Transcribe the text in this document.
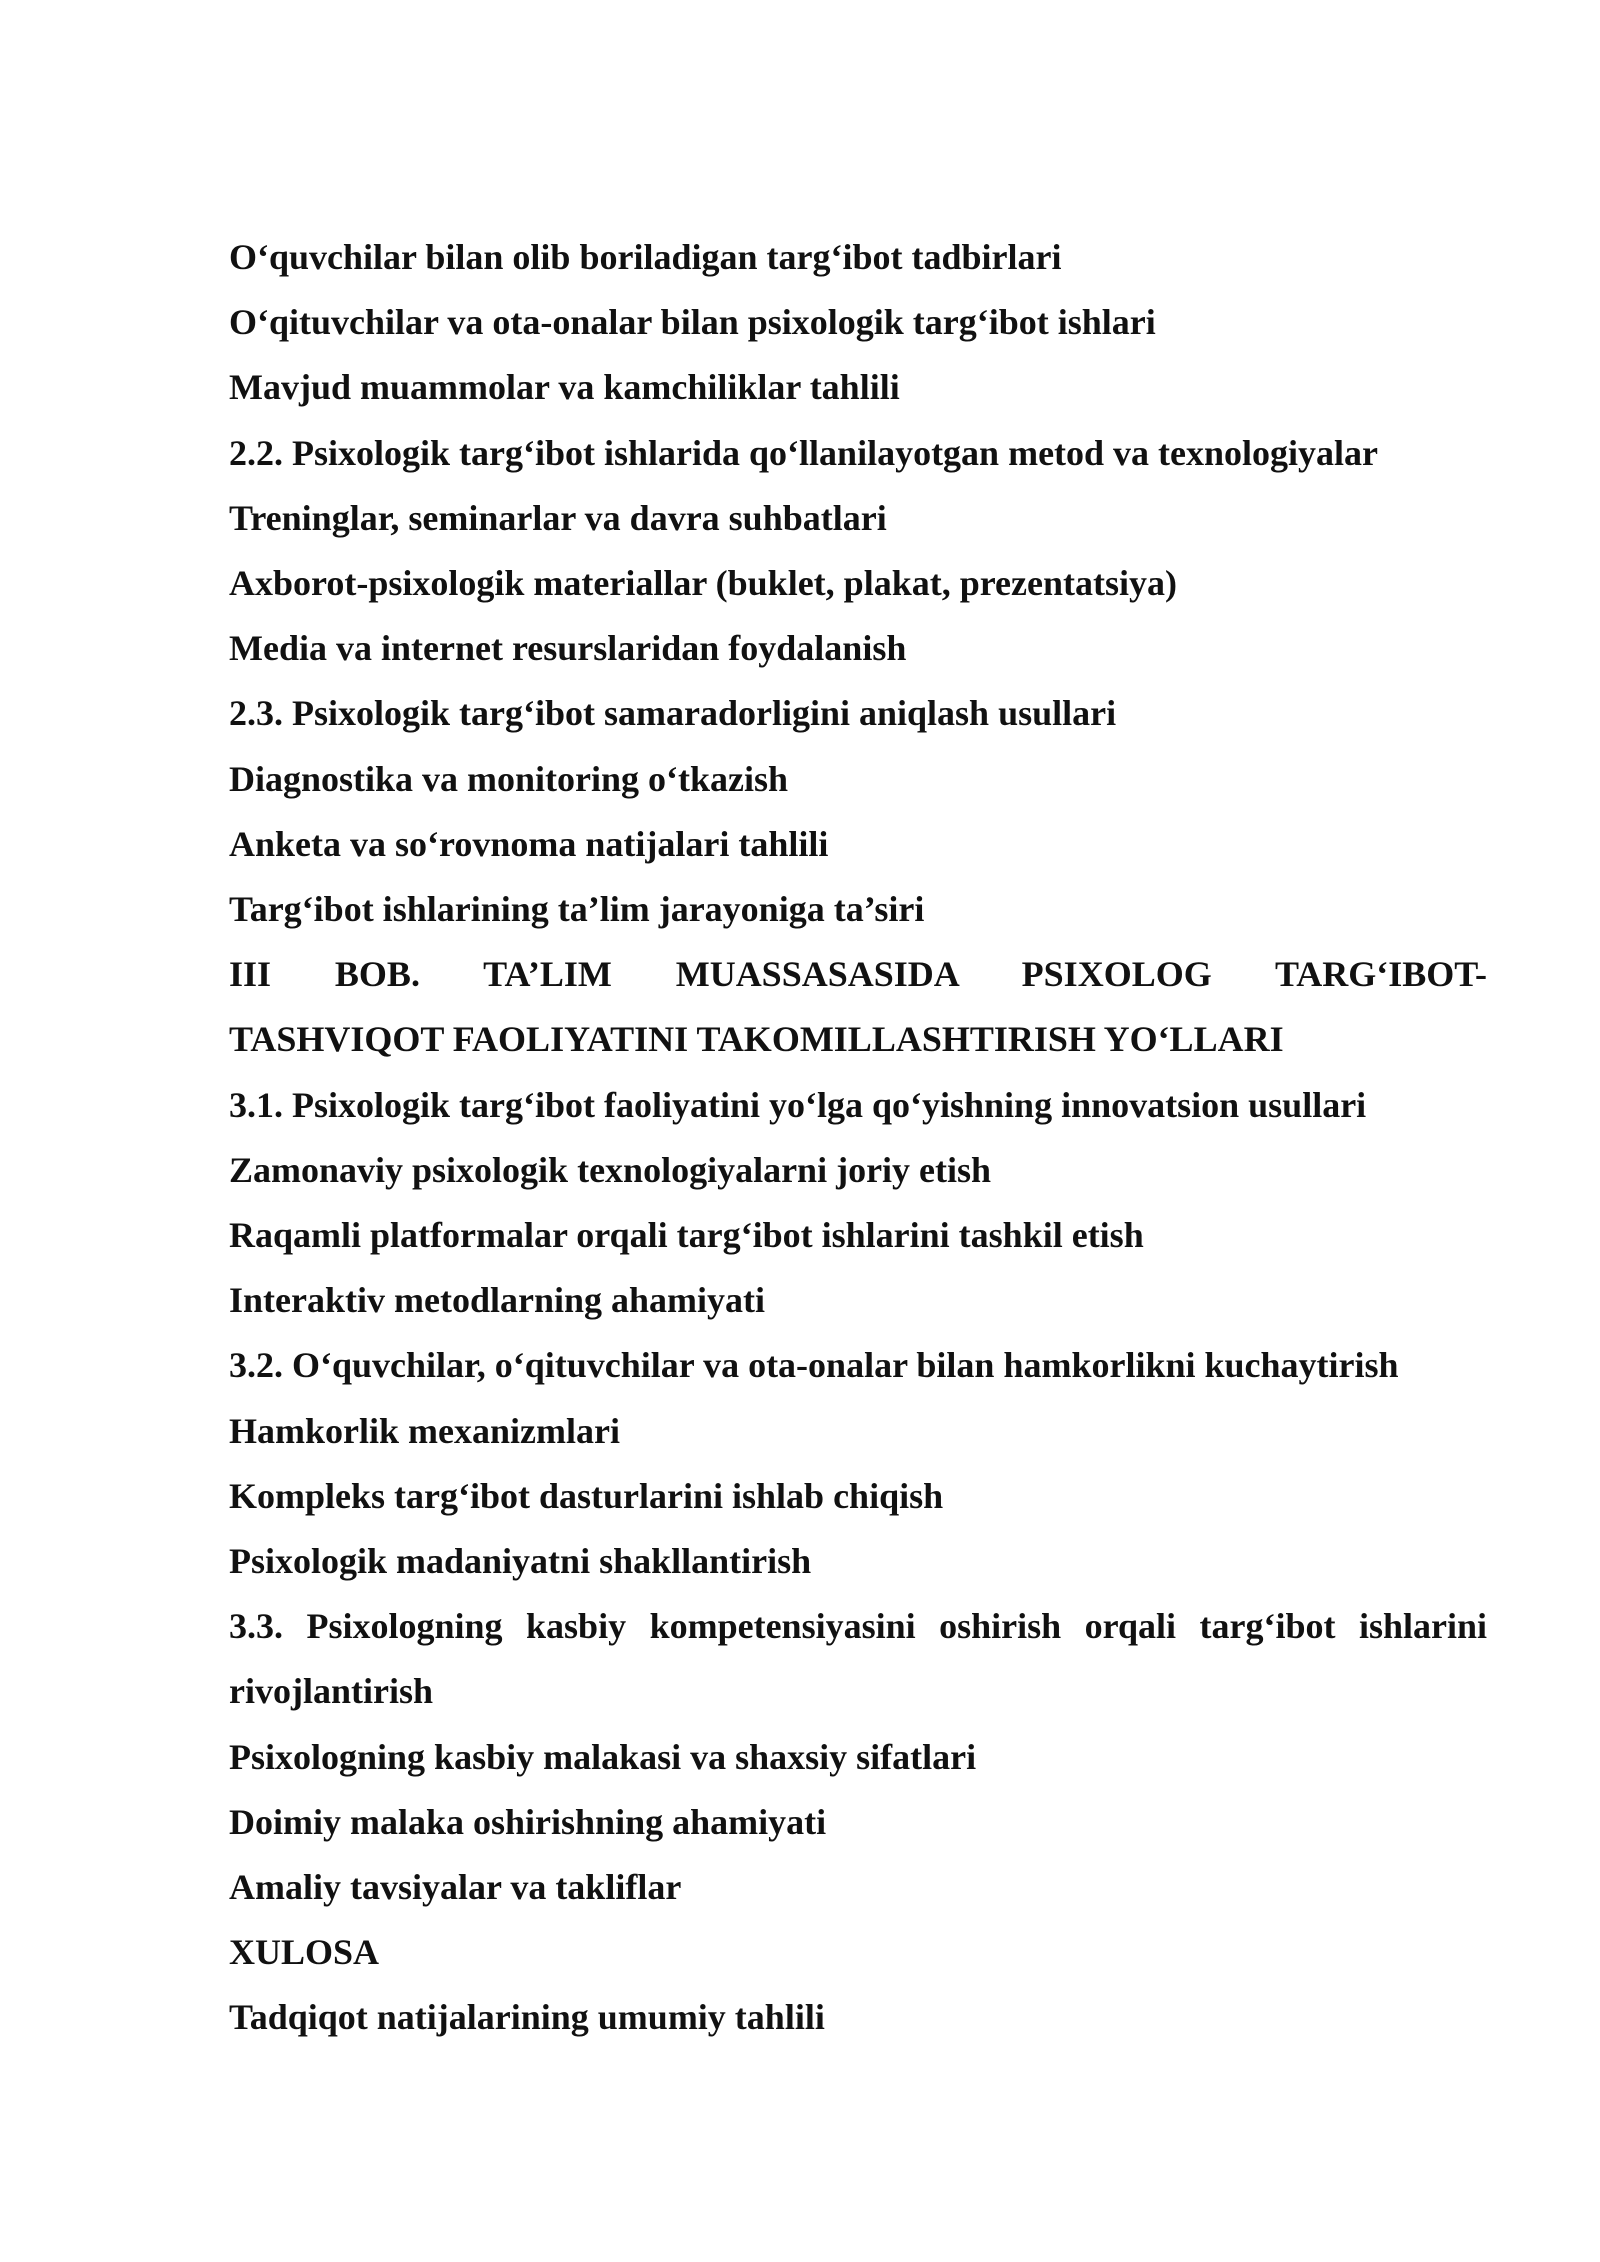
Oʻquvchilar bilan olib boriladigan targʻibot tadbirlari

Oʻqituvchilar va ota-onalar bilan psixologik targʻibot ishlari

Mavjud muammolar va kamchiliklar tahlili

2.2. Psixologik targʻibot ishlarida qoʻllanilayotgan metod va texnologiyalar

Treninglar, seminarlar va davra suhbatlari

Axborot-psixologik materiallar (buklet, plakat, prezentatsiya)

Media va internet resurslaridan foydalanish

2.3. Psixologik targʻibot samaradorligini aniqlash usullari

Diagnostika va monitoring oʻtkazish

Anketa va soʻrovnoma natijalari tahlili

Targʻibot ishlarining ta’lim jarayoniga ta’siri

III BOB. TA’LIM MUASSASASIDA PSIXOLOG TARGʻIBOT-

TASHVIQOT FAOLIYATINI TAKOMILLASHTIRISH YOʻLLARI

3.1. Psixologik targʻibot faoliyatini yoʻlga qoʻyishning innovatsion usullari

Zamonaviy psixologik texnologiyalarni joriy etish

Raqamli platformalar orqali targʻibot ishlarini tashkil etish

Interaktiv metodlarning ahamiyati

3.2. Oʻquvchilar, oʻqituvchilar va ota-onalar bilan hamkorlikni kuchaytirish

Hamkorlik mexanizmlari

Kompleks targʻibot dasturlarini ishlab chiqish

Psixologik madaniyatni shakllantirish

3.3. Psixologning kasbiy kompetensiyasini oshirish orqali targʻibot ishlarini

rivojlantirish

Psixologning kasbiy malakasi va shaxsiy sifatlari

Doimiy malaka oshirishning ahamiyati

Amaliy tavsiyalar va takliflar

XULOSA

Tadqiqot natijalarining umumiy tahlili
